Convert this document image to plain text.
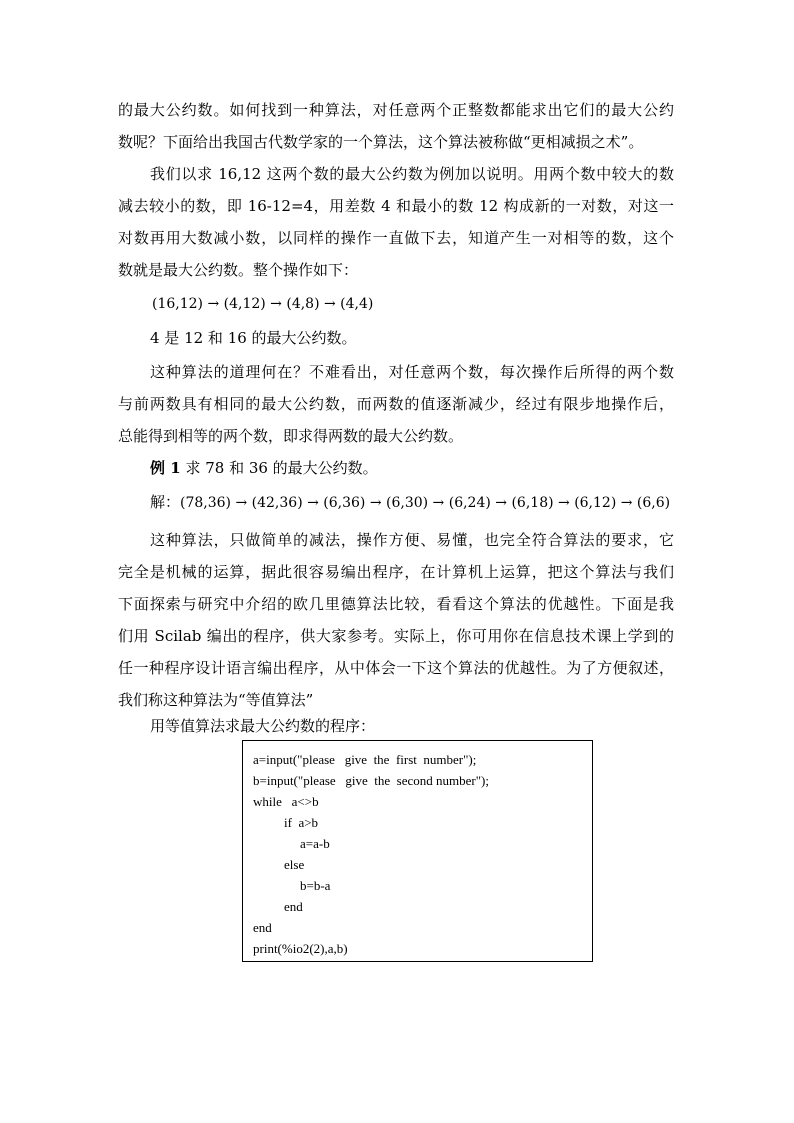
的最大公约数。如何找到一种算法，对任意两个正整数都能求出它们的最大公约
数呢？下面给出我国古代数学家的一个算法，这个算法被称做“更相减损之术”。
我们以求 16,12 这两个数的最大公约数为例加以说明。用两个数中较大的数
减去较小的数，即 16-12=4，用差数 4 和最小的数 12 构成新的一对数，对这一
对数再用大数减小数，以同样的操作一直做下去，知道产生一对相等的数，这个
数就是最大公约数。整个操作如下：
(16,12) → (4,12) → (4,8) → (4,4)
4 是 12 和 16 的最大公约数。
这种算法的道理何在？不难看出，对任意两个数，每次操作后所得的两个数
与前两数具有相同的最大公约数，而两数的值逐渐减少，经过有限步地操作后，
总能得到相等的两个数，即求得两数的最大公约数。
例 1 求 78 和 36 的最大公约数。
解：(78,36) → (42,36) → (6,36) → (6,30) → (6,24) → (6,18) → (6,12) → (6,6)
这种算法，只做简单的减法，操作方便、易懂，也完全符合算法的要求，它
完全是机械的运算，据此很容易编出程序，在计算机上运算，把这个算法与我们
下面探索与研究中介绍的欧几里德算法比较，看看这个算法的优越性。下面是我
们用 Scilab 编出的程序，供大家参考。实际上，你可用你在信息技术课上学到的
任一种程序设计语言编出程序，从中体会一下这个算法的优越性。为了方便叙述，
我们称这种算法为“等值算法”
用等值算法求最大公约数的程序：
a=input("please   give  the  first  number");
b=input("please   give  the  second number");
while   a<>b
if  a>b
a=a-b
else
b=b-a
end
end
print(%io2(2),a,b)
